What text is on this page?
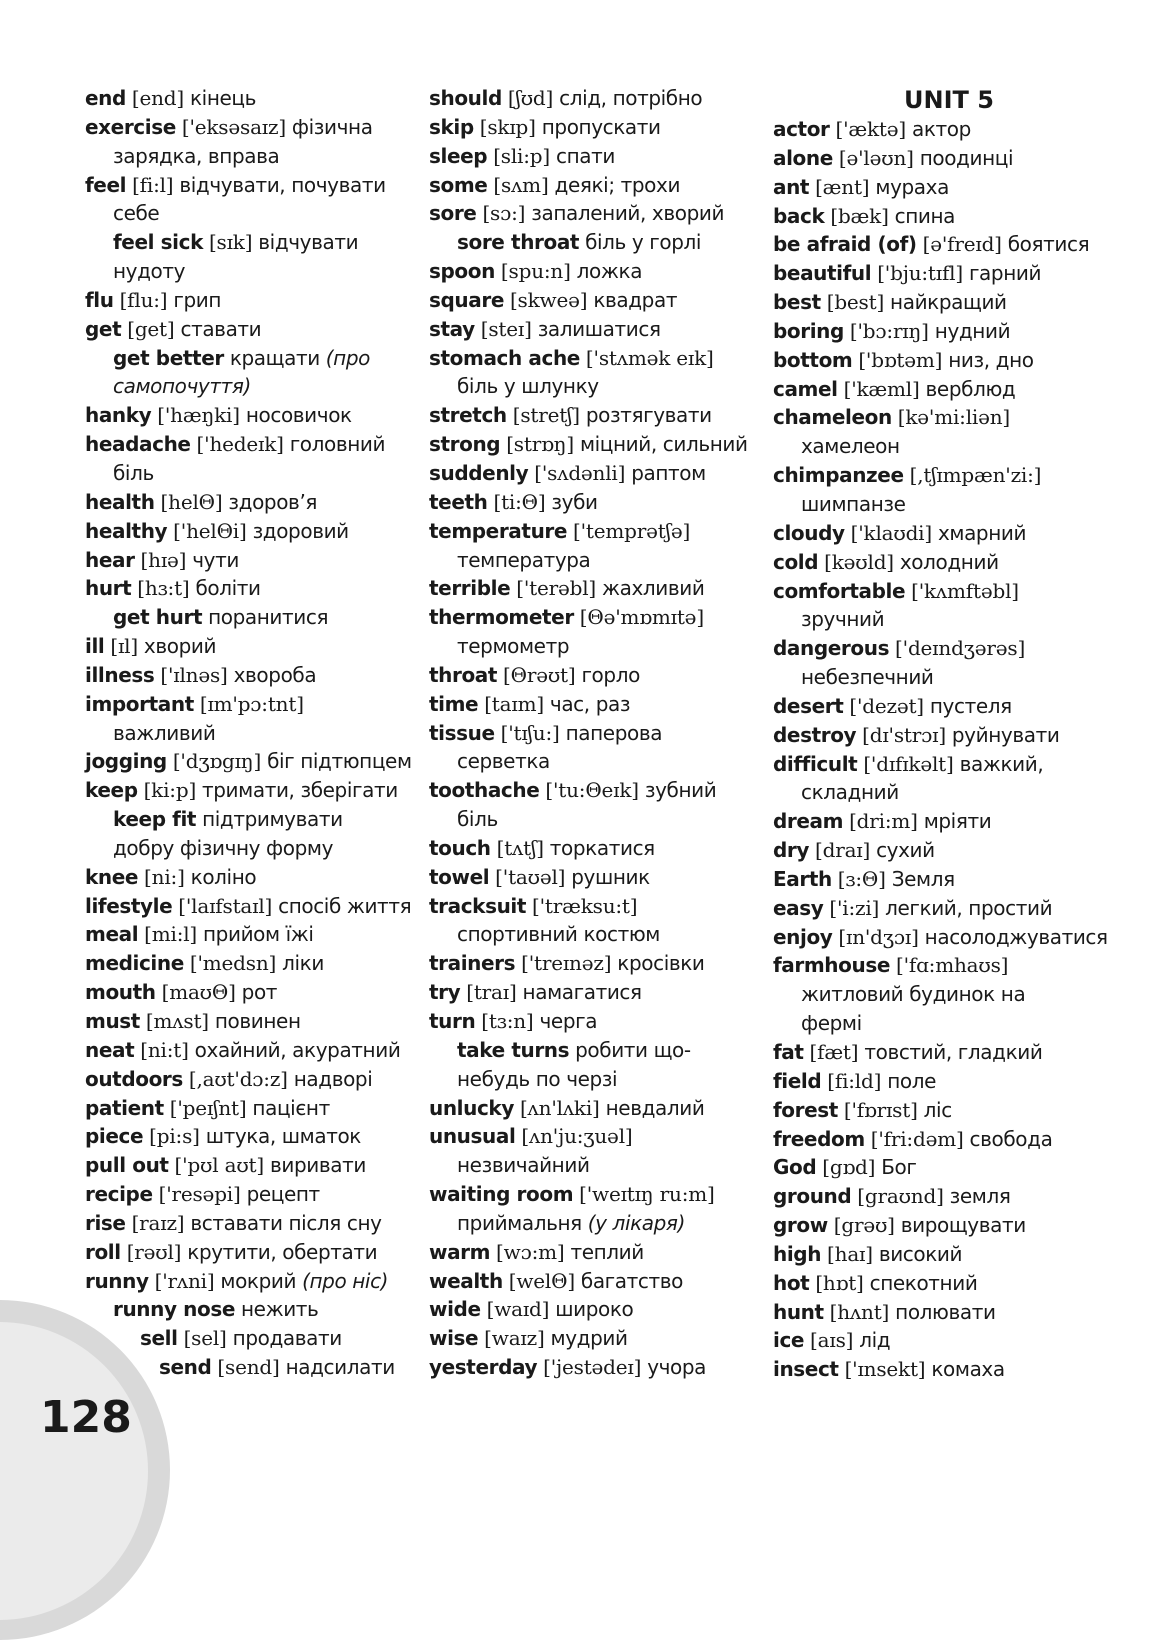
128
end [end] кінець
exercise ['eksəsaɪz] фізична
зарядка, вправа
feel [fi:l] відчувати, почувати
себе
feel sick [sɪk] відчувати
нудоту
flu [flu:] грип
get [get] ставати
get better кращати (про
самопочуття)
hanky ['hæŋki] носовичок
headache ['hedeɪk] головний
біль
health [helΘ] здоров’я
healthy ['helΘi] здоровий
hear [hɪə] чути
hurt [hɜ:t] боліти
get hurt поранитися
ill [ɪl] хворий
illness ['ɪlnəs] хвороба
important [ɪm'pɔ:tnt]
важливий
jogging ['dʒɒgɪŋ] біг підтюпцем
keep [ki:p] тримати, зберігати
keep fit підтримувати
добру фізичну форму
knee [ni:] коліно
lifestyle ['laɪfstaɪl] спосіб життя
meal [mi:l] прийом їжі
medicine ['medsn] ліки
mouth [maʊΘ] рот
must [mʌst] повинен
neat [ni:t] охайний, акуратний
outdoors [,aʊt'dɔ:z] надворі
patient ['peɪʃnt] пацієнт
piece [pi:s] штука, шматок
pull out ['pʊl aʊt] виривати
recipe ['resəpi] рецепт
rise [raɪz] вставати після сну
roll [rəʊl] крутити, обертати
runny ['rʌni] мокрий (про ніс)
runny nose нежить
sell [sel] продавати
send [send] надсилати
should [ʃʊd] слід, потрібно
skip [skɪp] пропускати
sleep [sli:p] спати
some [sʌm] деякі; трохи
sore [sɔ:] запалений, хворий
sore throat біль у горлі
spoon [spu:n] ложка
square [skweə] квадрат
stay [steɪ] залишатися
stomach ache ['stʌmək eɪk]
біль у шлунку
stretch [stretʃ] розтягувати
strong [strɒŋ] міцний, сильний
suddenly ['sʌdənli] раптом
teeth [ti:Θ] зуби
temperature ['temprətʃə]
температура
terrible ['terəbl] жахливий
thermometer [Θə'mɒmɪtə]
термометр
throat [Θrəʊt] горло
time [taɪm] час, раз
tissue ['tɪʃu:] паперова
серветка
toothache ['tu:Θeɪk] зубний
біль
touch [tʌtʃ] торкатися
towel ['taʊəl] рушник
tracksuit ['træksu:t]
спортивний костюм
trainers ['treɪnəz] кросівки
try [traɪ] намагатися
turn [tɜ:n] черга
take turns робити що-
небудь по черзі
unlucky [ʌn'lʌki] невдалий
unusual [ʌn'ju:ʒuəl]
незвичайний
waiting room ['weɪtɪŋ ru:m]
приймальня (у лікаря)
warm [wɔ:m] теплий
wealth [welΘ] багатство
wide [waɪd] широко
wise [waɪz] мудрий
yesterday ['jestədeɪ] учора
UNIT 5
actor ['æktə] актор
alone [ə'ləʊn] поодинці
ant [ænt] мураха
back [bæk] спина
be afraid (of) [ə'freɪd] боятися
beautiful ['bju:tɪfl] гарний
best [best] найкращий
boring ['bɔ:rɪŋ] нудний
bottom ['bɒtəm] низ, дно
camel ['kæml] верблюд
chameleon [kə'mi:liən]
хамелеон
chimpanzee [,tʃɪmpæn'zi:]
шимпанзе
cloudy ['klaʊdi] хмарний
cold [kəʊld] холодний
comfortable ['kʌmftəbl]
зручний
dangerous ['deɪndʒərəs]
небезпечний
desert ['dezət] пустеля
destroy [dɪ'strɔɪ] руйнувати
difficult ['dɪfɪkəlt] важкий,
складний
dream [dri:m] мріяти
dry [draɪ] сухий
Earth [ɜ:Θ] Земля
easy ['i:zi] легкий, простий
enjoy [ɪn'dʒɔɪ] насолоджуватися
farmhouse ['fɑ:mhaʊs]
житловий будинок на
фермі
fat [fæt] товстий, гладкий
field [fi:ld] поле
forest ['fɒrɪst] ліс
freedom ['fri:dəm] свобода
God [gɒd] Бог
ground [graʊnd] земля
grow [grəʊ] вирощувати
high [haɪ] високий
hot [hɒt] спекотний
hunt [hʌnt] полювати
ice [aɪs] лід
insect ['ɪnsekt] комаха
